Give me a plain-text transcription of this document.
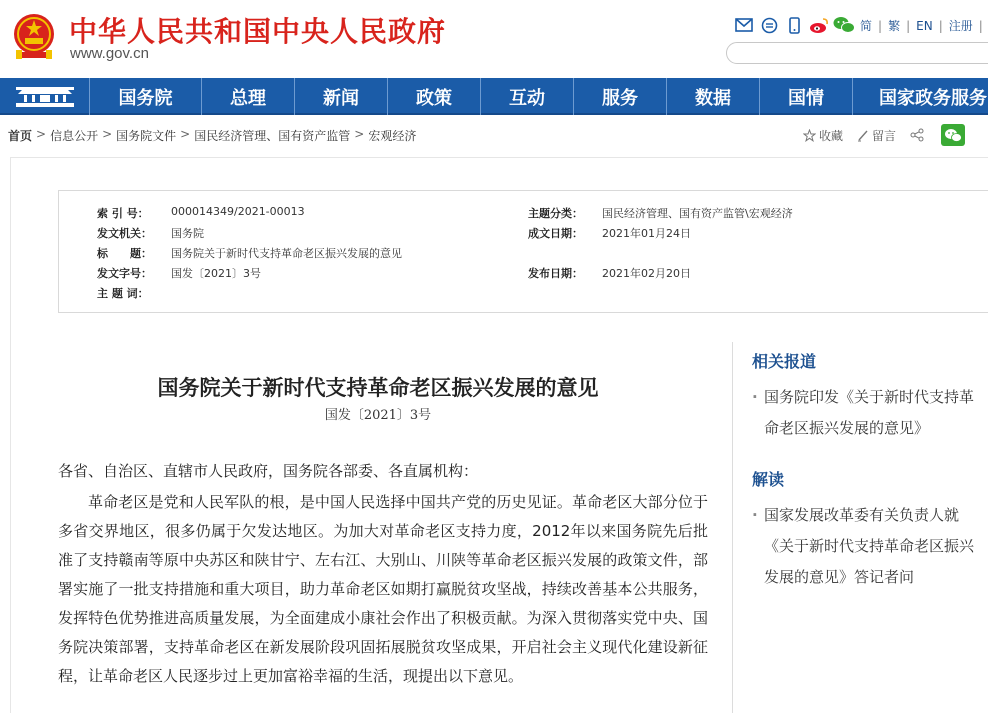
中华人民共和国中央人民政府
www.gov.cn
简 | 繁 | EN | 注册 |
国务院	总理	新闻	政策	互动	服务	数据	国情	国家政务服务
首页 > 信息公开 > 国务院文件 > 国民经济管理、国有资产监管 > 宏观经济	收藏 留言
索 引 号：	000014349/2021-00013	主题分类：	国民经济管理、国有资产监管\宏观经济
发文机关：	国务院	成文日期：	2021年01月24日
标　　题：	国务院关于新时代支持革命老区振兴发展的意见
发文字号：	国发〔2021〕3号	发布日期：	2021年02月20日
主 题 词：
国务院关于新时代支持革命老区振兴发展的意见
国发〔2021〕3号
各省、自治区、直辖市人民政府，国务院各部委、各直属机构：
革命老区是党和人民军队的根，是中国人民选择中国共产党的历史见证。革命老区大部分位于多省交界地区，很多仍属于欠发达地区。为加大对革命老区支持力度，2012年以来国务院先后批准了支持赣南等原中央苏区和陕甘宁、左右江、大别山、川陕等革命老区振兴发展的政策文件，部署实施了一批支持措施和重大项目，助力革命老区如期打赢脱贫攻坚战，持续改善基本公共服务，发挥特色优势推进高质量发展，为全面建成小康社会作出了积极贡献。为深入贯彻落实党中央、国务院决策部署，支持革命老区在新发展阶段巩固拓展脱贫攻坚成果，开启社会主义现代化建设新征程，让革命老区人民逐步过上更加富裕幸福的生活，现提出以下意见。
相关报道
· 国务院印发《关于新时代支持革命老区振兴发展的意见》
解读
· 国家发展改革委有关负责人就《关于新时代支持革命老区振兴发展的意见》答记者问
